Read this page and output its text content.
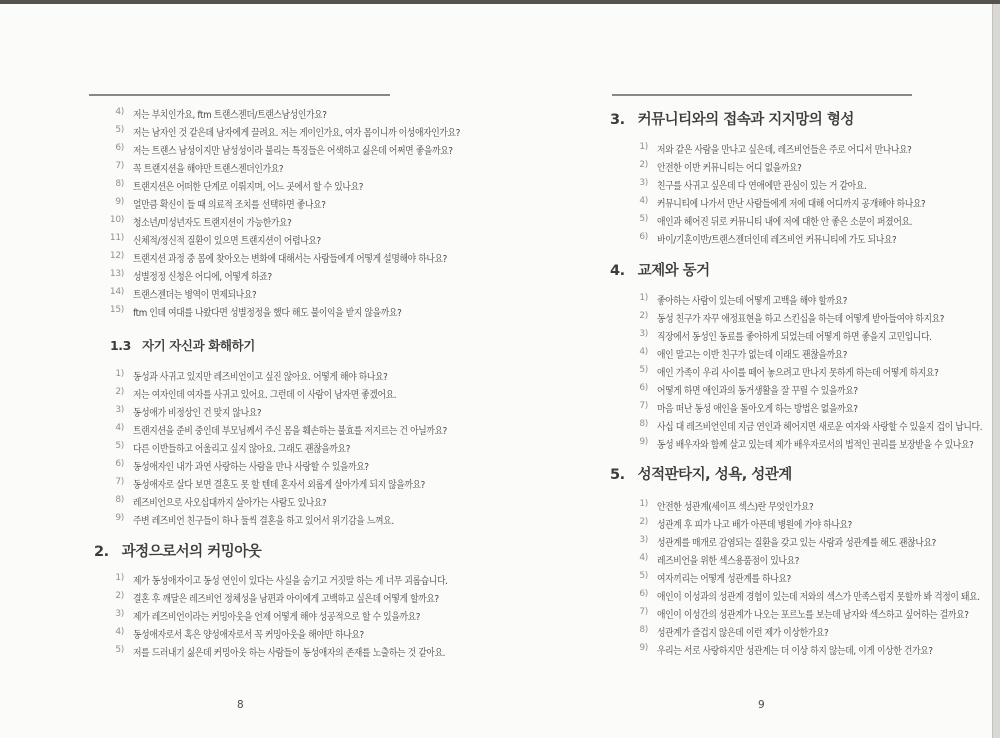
4) 저는 부치인가요, ftm 트랜스젠더/트랜스남성인가요?
5) 저는 남자인 것 같은데 남자에게 끌려요. 저는 게이인가요, 여자 몸이니까 이성애자인가요?
6) 저는 트랜스 남성이지만 남성성이라 불리는 특징들은 어색하고 싫은데 어쩌면 좋을까요?
7) 꼭 트랜지션을 해야만 트랜스젠더인가요?
8) 트랜지션은 어떠한 단계로 이뤄지며, 어느 곳에서 할 수 있나요?
9) 얼만큼 확신이 들 때 의료적 조치를 선택하면 좋나요?
10) 청소년/미성년자도 트랜지션이 가능한가요?
11) 신체적/정신적 질환이 있으면 트랜지션이 어렵나요?
12) 트랜지션 과정 중 몸에 찾아오는 변화에 대해서는 사람들에게 어떻게 설명해야 하나요?
13) 성별정정 신청은 어디에, 어떻게 하죠?
14) 트랜스젠더는 병역이 면제되나요?
15) ftm 인데 여대를 나왔다면 성별정정을 했다 해도 불이익을 받지 않을까요?
1.3 자기 자신과 화해하기
1) 동성과 사귀고 있지만 레즈비언이고 싶진 않아요. 어떻게 해야 하나요?
2) 저는 여자인데 여자를 사귀고 있어요. 그런데 이 사람이 남자면 좋겠어요.
3) 동성애가 비정상인 건 맞지 않나요?
4) 트랜지션을 준비 중인데 부모님께서 주신 몸을 훼손하는 불효를 저지르는 건 아닐까요?
5) 다른 이반들하고 어울리고 싶지 않아요. 그래도 괜찮을까요?
6) 동성애자인 내가 과연 사랑하는 사람을 만나 사랑할 수 있을까요?
7) 동성애자로 살다 보면 결혼도 못 할 텐데 혼자서 외롭게 살아가게 되지 않을까요?
8) 레즈비언으로 사오십대까지 살아가는 사람도 있나요?
9) 주변 레즈비언 친구들이 하나 둘씩 결혼을 하고 있어서 위기감을 느껴요.
2. 과정으로서의 커밍아웃
1) 제가 동성애자이고 동성 연인이 있다는 사실을 숨기고 거짓말 하는 게 너무 괴롭습니다.
2) 결혼 후 깨달은 레즈비언 정체성을 남편과 아이에게 고백하고 싶은데 어떻게 할까요?
3) 제가 레즈비언이라는 커밍아웃을 언제 어떻게 해야 성공적으로 할 수 있을까요?
4) 동성애자로서 혹은 양성애자로서 꼭 커밍아웃을 해야만 하나요?
5) 저를 드러내기 싫은데 커밍아웃 하는 사람들이 동성애자의 존재를 노출하는 것 같아요.
8
3. 커뮤니티와의 접속과 지지망의 형성
1) 저와 같은 사람을 만나고 싶은데, 레즈비언들은 주로 어디서 만나나요?
2) 안전한 이반 커뮤니티는 어디 없을까요?
3) 친구를 사귀고 싶은데 다 연애에만 관심이 있는 거 같아요.
4) 커뮤니티에 나가서 만난 사람들에게 저에 대해 어디까지 공개해야 하나요?
5) 애인과 헤어진 뒤로 커뮤니티 내에 저에 대한 안 좋은 소문이 퍼졌어요.
6) 바이/기혼이반/트랜스젠더인데 레즈비언 커뮤니티에 가도 되나요?
4. 교제와 동거
1) 좋아하는 사람이 있는데 어떻게 고백을 해야 할까요?
2) 동성 친구가 자꾸 애정표현을 하고 스킨십을 하는데 어떻게 받아들여야 하지요?
3) 직장에서 동성인 동료를 좋아하게 되었는데 어떻게 하면 좋을지 고민입니다.
4) 애인 말고는 이반 친구가 없는데 이래도 괜찮을까요?
5) 애인 가족이 우리 사이를 떼어 놓으려고 만나지 못하게 하는데 어떻게 하지요?
6) 어떻게 하면 애인과의 동거생활을 잘 꾸릴 수 있을까요?
7) 마음 떠난 동성 애인을 돌아오게 하는 방법은 없을까요?
8) 사십 대 레즈비언인데 지금 연인과 헤어지면 새로운 여자와 사랑할 수 있을지 겁이 납니다.
9) 동성 배우자와 함께 살고 있는데 제가 배우자로서의 법적인 권리를 보장받을 수 있나요?
5. 성적판타지, 성욕, 성관계
1) 안전한 성관계(세이프 섹스)란 무엇인가요?
2) 성관계 후 피가 나고 배가 아픈데 병원에 가야 하나요?
3) 성관계를 매개로 감염되는 질환을 갖고 있는 사람과 성관계를 해도 괜찮나요?
4) 레즈비언을 위한 섹스용품점이 있나요?
5) 여자끼리는 어떻게 성관계를 하나요?
6) 애인이 이성과의 성관계 경험이 있는데 저와의 섹스가 만족스럽지 못할까 봐 걱정이 돼요.
7) 애인이 이성간의 성관계가 나오는 포르노를 보는데 남자와 섹스하고 싶어하는 걸까요?
8) 성관계가 즐겁지 않은데 이런 제가 이상한가요?
9) 우리는 서로 사랑하지만 성관계는 더 이상 하지 않는데, 이게 이상한 건가요?
9
